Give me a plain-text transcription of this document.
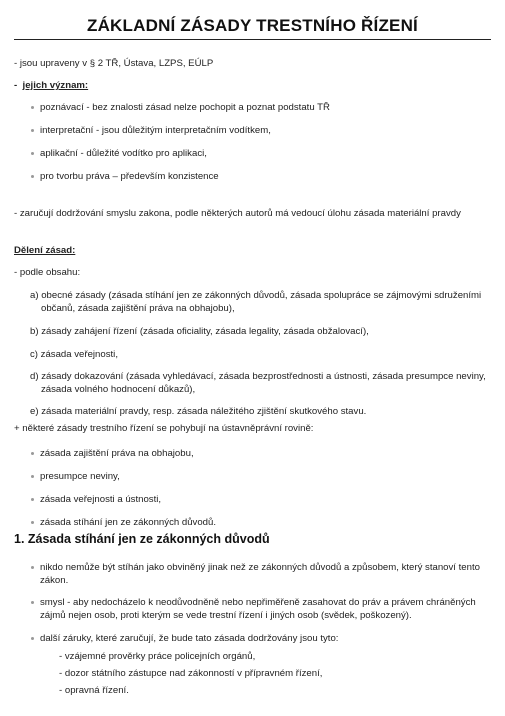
ZÁKLADNÍ ZÁSADY TRESTNÍHO ŘÍZENÍ
- jsou upraveny v § 2 TŘ, Ústava, LZPS, EÚLP
- jejich význam:
poznávací - bez znalosti zásad nelze pochopit a poznat podstatu TŘ
interpretační - jsou důležitým interpretačním vodítkem,
aplikační - důležité vodítko pro aplikaci,
pro tvorbu práva – především konzistence
- zaručují dodržování smyslu zakona, podle některých autorů má vedoucí úlohu zásada materiální pravdy
Dělení zásad:
- podle obsahu:
a) obecné zásady (zásada stíhání jen ze zákonných důvodů, zásada spolupráce se zájmovými sdruženími
občanů, zásada zajištění práva na obhajobu),
b) zásady zahájení řízení (zásada oficiality, zásada legality, zásada obžalovací),
c) zásada veřejnosti,
d) zásady dokazování (zásada vyhledávací, zásada bezprostřednosti a ústnosti, zásada presumpce neviny,
zásada volného hodnocení důkazů),
e) zásada materiální pravdy, resp. zásada náležitého zjištění skutkového stavu.
+ některé zásady trestního řízení se pohybují na ústavněprávní rovině:
zásada zajištění práva na obhajobu,
presumpce neviny,
zásada veřejnosti a ústnosti,
zásada stíhání jen ze zákonných důvodů.
1. Zásada stíhání jen ze zákonných důvodů
nikdo nemůže být stíhán jako obviněný jinak než ze zákonných důvodů a způsobem, který stanoví tento
zákon.
smysl - aby nedocházelo k neodůvodněně nebo nepřiměřeně zasahovat do práv a právem chráněných
zájmů nejen osob, proti kterým se vede trestní řízení i jiných osob (svědek, poškozený).
další záruky, které zaručují, že bude tato zásada dodržovány jsou tyto:
- vzájemné prověrky práce policejních orgánů,
- dozor státního zástupce nad zákonností v přípravném řízení,
- opravná řízení.
